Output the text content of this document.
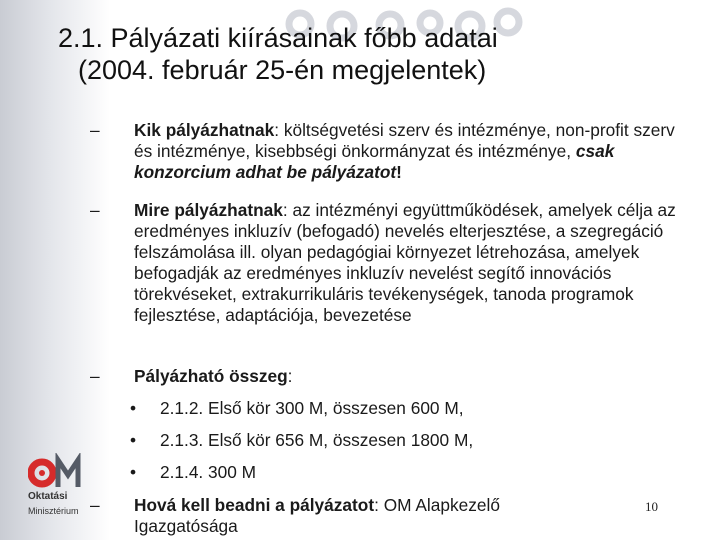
2.1. Pályázati kiírásainak főbb adatai
(2004. február 25-én megjelentek)
–	Kik pályázhatnak: költségvetési szerv és intézménye, non-profit szerv és intézménye, kisebbségi önkormányzat és intézménye, csak konzorcium adhat be pályázatot!
–	Mire pályázhatnak: az intézményi együttműködések, amelyek célja az eredményes inkluzív (befogadó) nevelés elterjesztése, a szegregáció felszámolása ill. olyan pedagógiai környezet létrehozása, amelyek befogadják az eredményes inkluzív nevelést segítő innovációs törekvéseket, extrakurrikuláris tevékenységek, tanoda programok fejlesztése, adaptációja, bevezetése
–	Pályázható összeg:
• 2.1.2. Első kör 300 M, összesen 600 M,
• 2.1.3. Első kör 656 M, összesen 1800 M,
• 2.1.4. 300 M
–	Hová kell beadni a pályázatot: OM Alapkezelő Igazgatósága
Oktatási
Minisztérium	10
